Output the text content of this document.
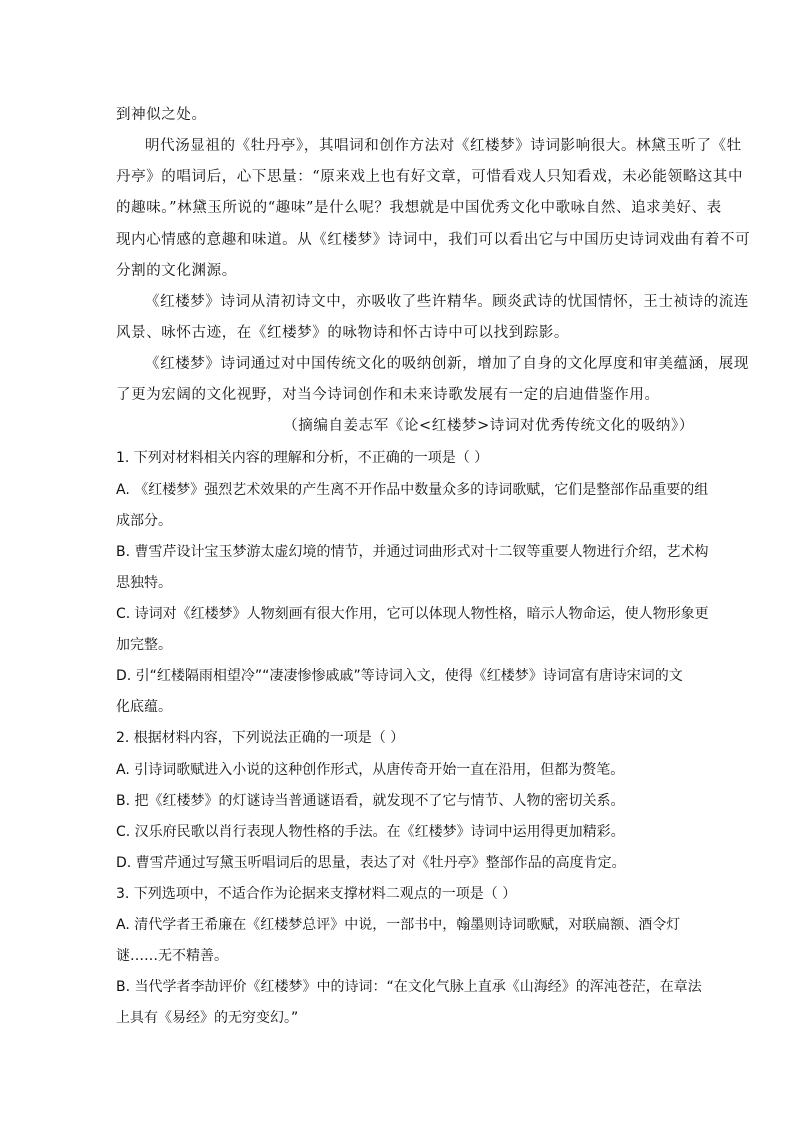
到神似之处。
明代汤显祖的《牡丹亭》，其唱词和创作方法对《红楼梦》诗词影响很大。林黛玉听了《牡
丹亭》的唱词后，心下思量：“原来戏上也有好文章，可惜看戏人只知看戏，未必能领略这其中
的趣味。”林黛玉所说的“趣味”是什么呢？我想就是中国优秀文化中歌咏自然、追求美好、表
现内心情感的意趣和味道。从《红楼梦》诗词中，我们可以看出它与中国历史诗词戏曲有着不可
分割的文化渊源。
《红楼梦》诗词从清初诗文中，亦吸收了些许精华。顾炎武诗的忧国情怀，王士祯诗的流连
风景、咏怀古迹，在《红楼梦》的咏物诗和怀古诗中可以找到踪影。
《红楼梦》诗词通过对中国传统文化的吸纳创新，增加了自身的文化厚度和审美蕴涵，展现
了更为宏阔的文化视野，对当今诗词创作和未来诗歌发展有一定的启迪借鉴作用。
（摘编自姜志军《论<红楼梦>诗词对优秀传统文化的吸纳》）
1. 下列对材料相关内容的理解和分析，不正确的一项是（ ）
A. 《红楼梦》强烈艺术效果的产生离不开作品中数量众多的诗词歌赋，它们是整部作品重要的组
成部分。
B. 曹雪芹设计宝玉梦游太虚幻境的情节，并通过词曲形式对十二钗等重要人物进行介绍，艺术构
思独特。
C. 诗词对《红楼梦》人物刻画有很大作用，它可以体现人物性格，暗示人物命运，使人物形象更
加完整。
D. 引“红楼隔雨相望冷”“凄凄惨惨戚戚”等诗词入文，使得《红楼梦》诗词富有唐诗宋词的文
化底蕴。
2. 根据材料内容，下列说法正确的一项是（ ）
A. 引诗词歌赋进入小说的这种创作形式，从唐传奇开始一直在沿用，但都为赘笔。
B. 把《红楼梦》的灯谜诗当普通谜语看，就发现不了它与情节、人物的密切关系。
C. 汉乐府民歌以肖行表现人物性格的手法。在《红楼梦》诗词中运用得更加精彩。
D. 曹雪芹通过写黛玉听唱词后的思量，表达了对《牡丹亭》整部作品的高度肯定。
3. 下列选项中，不适合作为论据来支撑材料二观点的一项是（ ）
A. 清代学者王希廉在《红楼梦总评》中说，一部书中，翰墨则诗词歌赋，对联扁额、酒令灯
谜……无不精善。
B. 当代学者李劼评价《红楼梦》中的诗词：“在文化气脉上直承《山海经》的浑沌苍茫，在章法
上具有《易经》的无穷变幻。”
